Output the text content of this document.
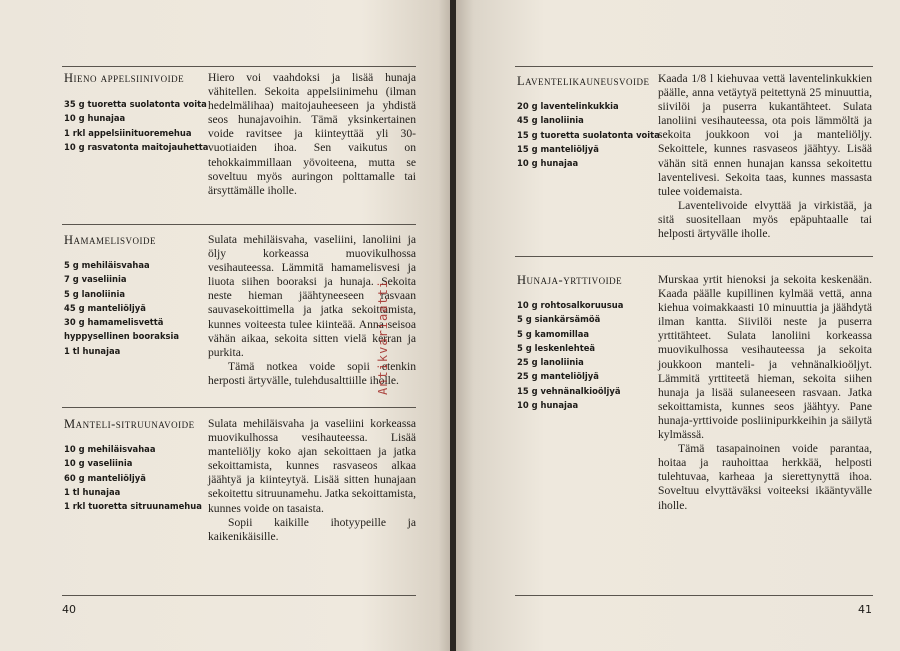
Hieno appelsiinivoide
35 g tuoretta suolatonta voita
10 g hunajaa
1 rkl appelsiinituoremehua
10 g rasvatonta maitojauhetta

Hiero voi vaahdoksi ja lisää hunaja vähitellen. Sekoita appelsiinimehu (ilman hedelmälihaa) maitojauheeseen ja yhdistä seos hunajavoihin. Tämä yksinkertainen voide ravitsee ja kiinteyttää yli 30-vuotiaiden ihoa. Sen vaikutus on tehokkaimmillaan yövoiteena, mutta se soveltuu myös auringon polttamalle tai ärsyttämälle iholle.

Hamamelisvoide
5 g mehiläisvahaa
7 g vaseliinia
5 g lanoliinia
45 g manteliöljyä
30 g hamamelisvettä
hyppysellinen booraksia
1 tl hunajaa

Sulata mehiläisvaha, vaseliini, lanoliini ja öljy korkeassa muovikulhossa vesihauteessa. Lämmitä hamamelisvesi ja liuota siihen booraksi ja hunaja. Sekoita neste hieman jäähtyneeseen rasvaan sauvasekoittimella ja jatka sekoittamista, kunnes voiteesta tulee kiinteää. Anna seisoa vähän aikaa, sekoita sitten vielä kerran ja purkita.

Tämä notkea voide sopii etenkin herposti ärtyvälle, tulehdusalttiille iholle.

Manteli-sitruunavoide
10 g mehiläisvahaa
10 g vaseliinia
60 g manteliöljyä
1 tl hunajaa
1 rkl tuoretta sitruunamehua

Sulata mehiläisvaha ja vaseliini korkeassa muovikulhossa vesihauteessa. Lisää manteliöljy koko ajan sekoittaen ja jatka sekoittamista, kunnes rasvaseos alkaa jäähtyä ja kiinteytyä. Lisää sitten hunajaan sekoitettu sitruunamehu. Jatka sekoittamista, kunnes voide on tasaista.

Sopii kaikille ihotyypeille ja kaikenikäisille.

40
Laventelikauneusvoide
20 g laventelinkukkia
45 g lanoliinia
15 g tuoretta suolatonta voita
15 g manteliöljyä
10 g hunajaa

Kaada 1/8 l kiehuvaa vettä laventelinkukkien päälle, anna vetäytyä peitettynä 25 minuuttia, siivilöi ja puserra kukantähteet. Sulata lanoliini vesihauteessa, ota pois lämmöltä ja sekoita joukkoon voi ja manteliöljy. Sekoittele, kunnes rasvaseos jäähtyy. Lisää vähän sitä ennen hunajan kanssa sekoitettu laventelivesi. Sekoita taas, kunnes massasta tulee voidemaista.

Laventelivoide elvyttää ja virkistää, ja sitä suositellaan myös epäpuhtaalle tai helposti ärtyvälle iholle.

Hunaja-yrttivoide
10 g rohtosalkoruusua
5 g siankärsämöä
5 g kamomillaa
5 g leskenlehteä
25 g lanoliinia
25 g manteliöljyä
15 g vehnänalkioöljyä
10 g hunajaa

Murskaa yrtit hienoksi ja sekoita keskenään. Kaada päälle kupillinen kylmää vettä, anna kiehua voimakkaasti 10 minuuttia ja jäähdytä ilman kantta. Siivilöi neste ja puserra yrttitähteet. Sulata lanoliini korkeassa muovikulhossa vesihauteessa ja sekoita joukkoon manteli- ja vehnänalkioöljyt. Lämmitä yrttiteetä hieman, sekoita siihen hunaja ja lisää sulaneeseen rasvaan. Jatka sekoittamista, kunnes seos jäähtyy. Pane hunaja-yrttivoide posliinipurkkeihin ja säilytä kylmässä.

Tämä tasapainoinen voide parantaa, hoitaa ja rauhoittaa herkkää, helposti tulehtuvaa, karheaa ja sierettynyttä ihoa. Soveltuu elvyttäväksi voiteeksi ikääntyvälle iholle.

41
Antikvariaatti
